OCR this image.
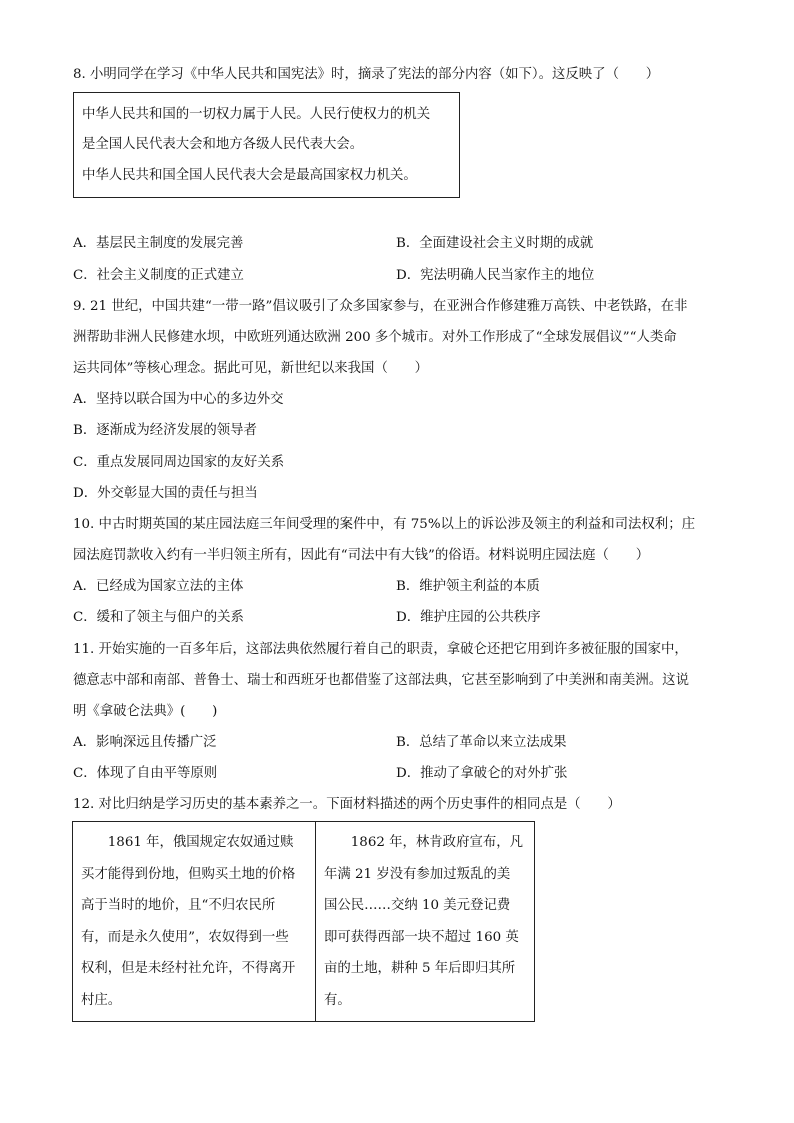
8. 小明同学在学习《中华人民共和国宪法》时，摘录了宪法的部分内容（如下）。这反映了（　　）
中华人民共和国的一切权力属于人民。人民行使权力的机关
是全国人民代表大会和地方各级人民代表大会。
中华人民共和国全国人民代表大会是最高国家权力机关。
A．基层民主制度的发展完善	B．全面建设社会主义时期的成就
C．社会主义制度的正式建立	D．宪法明确人民当家作主的地位
9. 21 世纪，中国共建“一带一路”倡议吸引了众多国家参与，在亚洲合作修建雅万高铁、中老铁路，在非
洲帮助非洲人民修建水坝，中欧班列通达欧洲 200 多个城市。对外工作形成了“全球发展倡议”“人类命
运共同体”等核心理念。据此可见，新世纪以来我国（　　）
A．坚持以联合国为中心的多边外交
B．逐渐成为经济发展的领导者
C．重点发展同周边国家的友好关系
D．外交彰显大国的责任与担当
10. 中古时期英国的某庄园法庭三年间受理的案件中，有 75%以上的诉讼涉及领主的利益和司法权利；庄
园法庭罚款收入约有一半归领主所有，因此有“司法中有大钱”的俗语。材料说明庄园法庭（　　）
A．已经成为国家立法的主体	B．维护领主利益的本质
C．缓和了领主与佃户的关系	D．维护庄园的公共秩序
11. 开始实施的一百多年后，这部法典依然履行着自己的职责，拿破仑还把它用到许多被征服的国家中，
德意志中部和南部、普鲁士、瑞士和西班牙也都借鉴了这部法典，它甚至影响到了中美洲和南美洲。这说
明《拿破仑法典》(　　)
A．影响深远且传播广泛	B．总结了革命以来立法成果
C．体现了自由平等原则	D．推动了拿破仑的对外扩张
12. 对比归纳是学习历史的基本素养之一。下面材料描述的两个历史事件的相同点是（　　）
　　1861 年，俄国规定农奴通过赎
买才能得到份地，但购买土地的价格
高于当时的地价，且“不归农民所
有，而是永久使用”，农奴得到一些
权利，但是未经村社允许，不得离开
村庄。
　　1862 年，林肯政府宣布，凡
年满 21 岁没有参加过叛乱的美
国公民……交纳 10 美元登记费
即可获得西部一块不超过 160 英
亩的土地，耕种 5 年后即归其所
有。
